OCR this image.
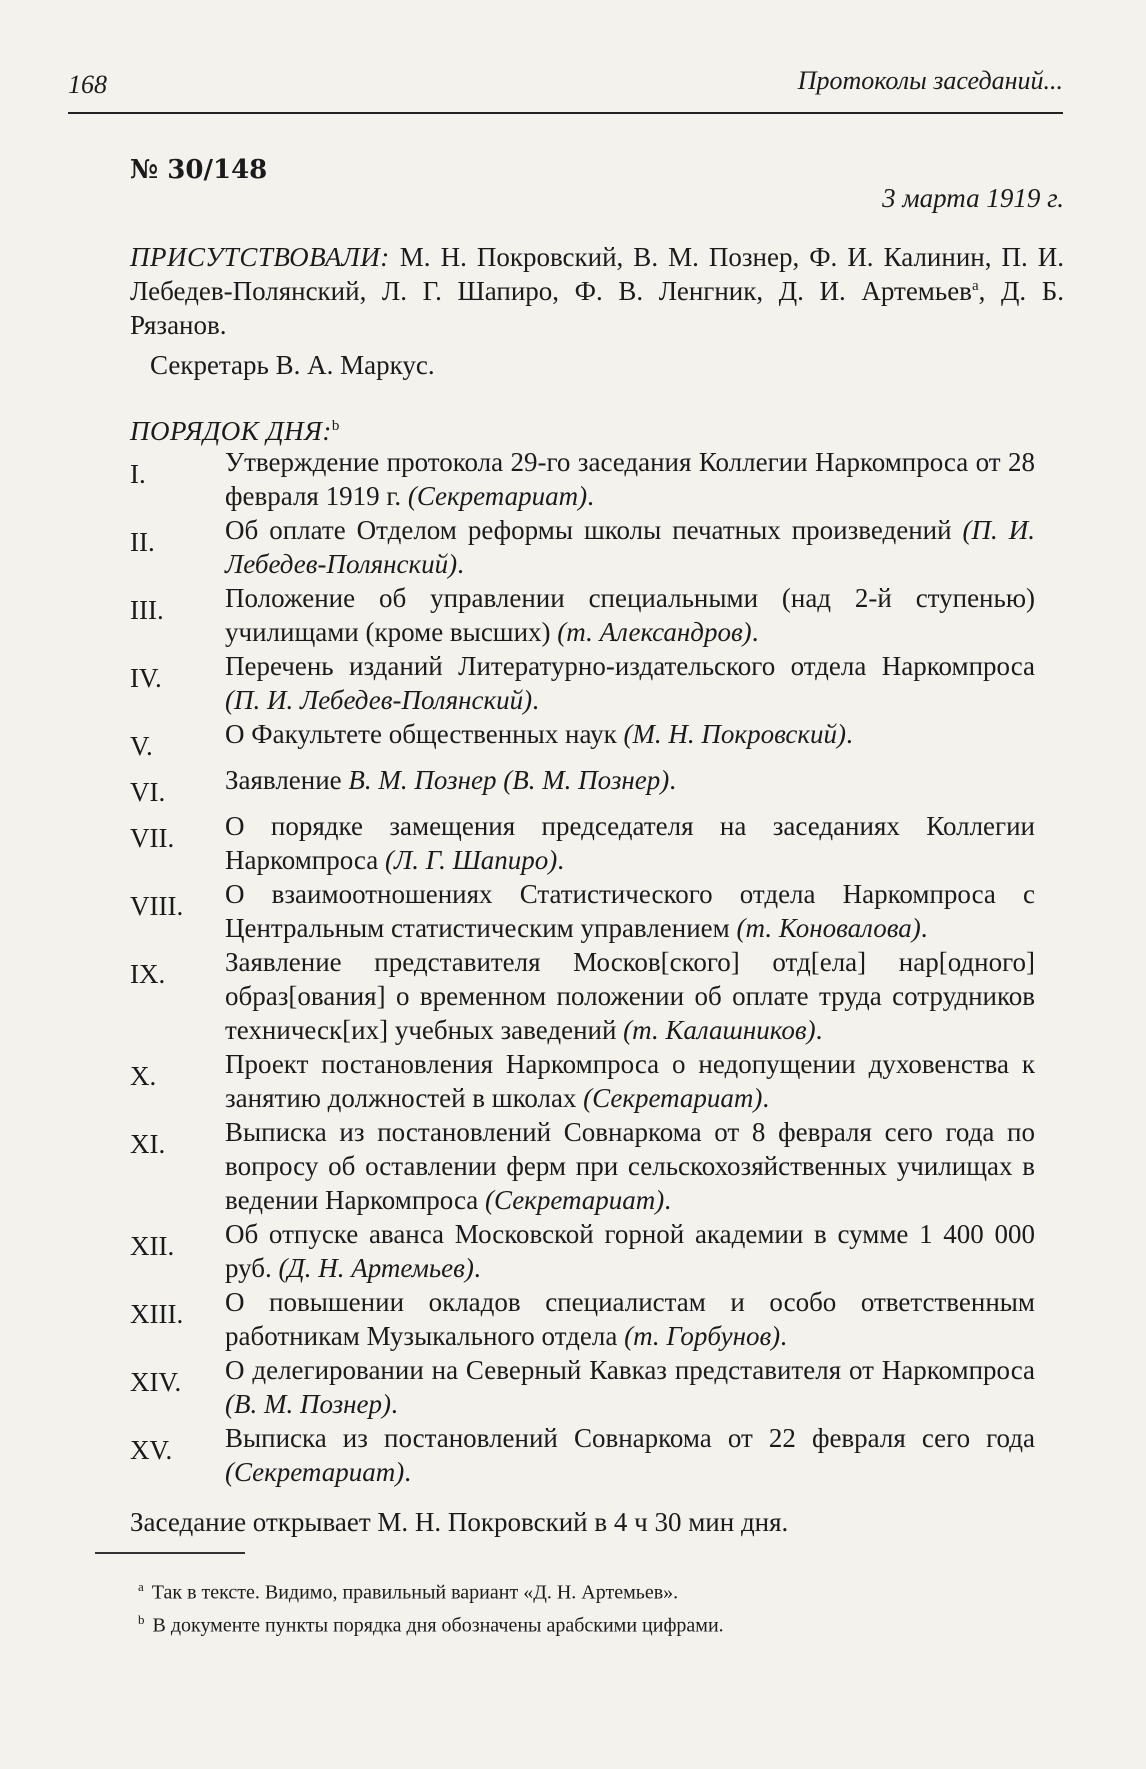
168	Протоколы заседаний...
№ 30/148
3 марта 1919 г.

ПРИСУТСТВОВАЛИ: М. Н. Покровский, В. М. Познер, Ф. И. Калинин, П. И. Лебедев-Полянский, Л. Г. Шапиро, Ф. В. Ленгник, Д. И. Артемьев$^a$, Д. Б. Рязанов.

Секретарь В. А. Маркус.

ПОРЯДОК ДНЯ:$^b$
I.	Утверждение протокола 29-го заседания Коллегии Наркомпроса от 28 февраля 1919 г. (Секретариат).
II.	Об оплате Отделом реформы школы печатных произведений (П. И. Лебедев-Полянский).
III.	Положение об управлении специальными (над 2-й ступенью) училищами (кроме высших) (т. Александров).
IV.	Перечень изданий Литературно-издательского отдела Наркомпроса (П. И. Лебедев-Полянский).
V.	О Факультете общественных наук (М. Н. Покровский).
VI.	Заявление В. М. Познер (В. М. Познер).
VII.	О порядке замещения председателя на заседаниях Коллегии Наркомпроса (Л. Г. Шапиро).
VIII.	О взаимоотношениях Статистического отдела Наркомпроса с Центральным статистическим управлением (т. Коновалова).
IX.	Заявление представителя Москов[ского] отд[ела] нар[одного] образ[ования] о временном положении об оплате труда сотрудников техническ[их] учебных заведений (т. Калашников).
X.	Проект постановления Наркомпроса о недопущении духовенства к занятию должностей в школах (Секретариат).
XI.	Выписка из постановлений Совнаркома от 8 февраля сего года по вопросу об оставлении ферм при сельскохозяйственных училищах в ведении Наркомпроса (Секретариат).
XII.	Об отпуске аванса Московской горной академии в сумме 1 400 000 руб. (Д. Н. Артемьев).
XIII.	О повышении окладов специалистам и особо ответственным работникам Музыкального отдела (т. Горбунов).
XIV.	О делегировании на Северный Кавказ представителя от Наркомпроса (В. М. Познер).
XV.	Выписка из постановлений Совнаркома от 22 февраля сего года (Секретариат).

Заседание открывает М. Н. Покровский в 4 ч 30 мин дня.

$^a$ Так в тексте. Видимо, правильный вариант «Д. Н. Артемьев».
$^b$ В документе пункты порядка дня обозначены арабскими цифрами.
